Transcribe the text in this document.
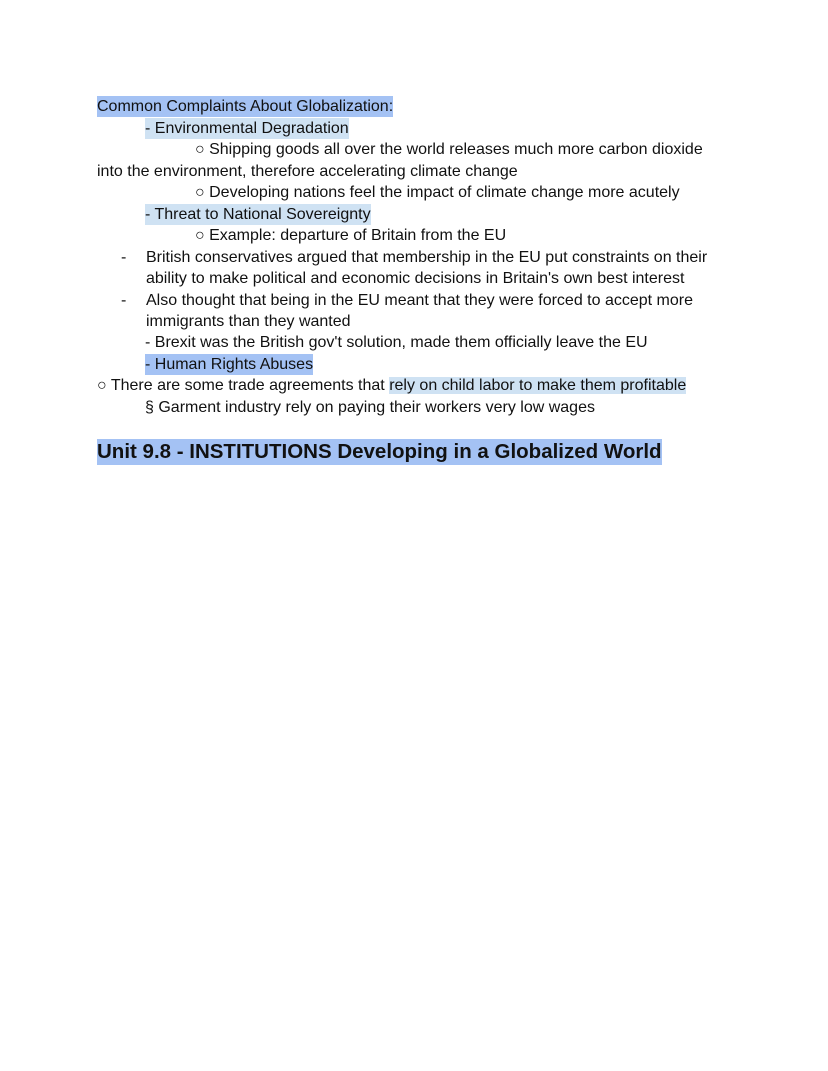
Common Complaints About Globalization:
- Environmental Degradation
○ Shipping goods all over the world releases much more carbon dioxide
into the environment, therefore accelerating climate change
○ Developing nations feel the impact of climate change more acutely
- Threat to National Sovereignty
○ Example: departure of Britain from the EU
- British conservatives argued that membership in the EU put constraints on their
ability to make political and economic decisions in Britain's own best interest
- Also thought that being in the EU meant that they were forced to accept more
immigrants than they wanted
- Brexit was the British gov't solution, made them officially leave the EU
- Human Rights Abuses
○ There are some trade agreements that rely on child labor to make them profitable
§ Garment industry rely on paying their workers very low wages
Unit 9.8 - INSTITUTIONS Developing in a Globalized World
